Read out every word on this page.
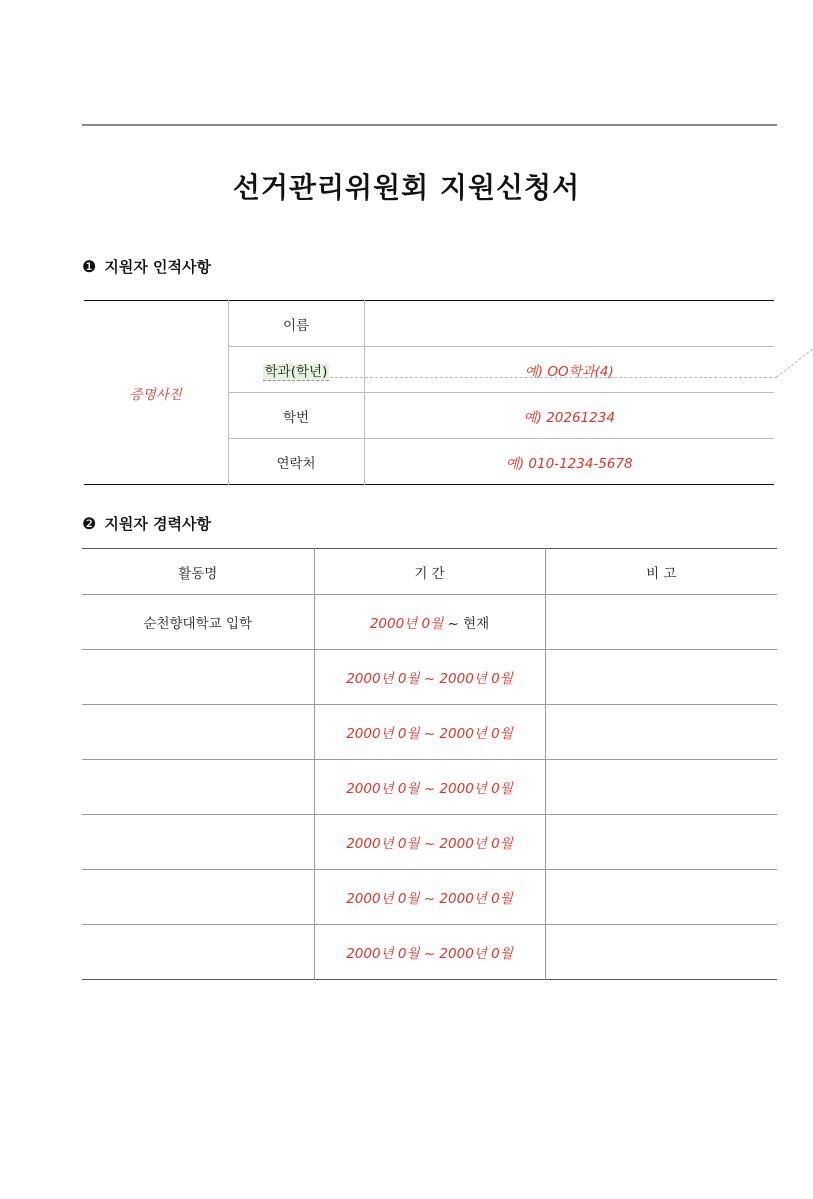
선거관리위원회 지원신청서
❶ 지원자 인적사항
증명사진	이름	
	학과(학년)	예) OO학과(4)
	학번	예) 20261234
	연락처	예) 010-1234-5678
❷ 지원자 경력사항
활동명	기 간	비 고
순천향대학교 입학	2000년 0월 ~ 현재	
	2000년 0월 ~ 2000년 0월	
	2000년 0월 ~ 2000년 0월	
	2000년 0월 ~ 2000년 0월	
	2000년 0월 ~ 2000년 0월	
	2000년 0월 ~ 2000년 0월	
	2000년 0월 ~ 2000년 0월	
